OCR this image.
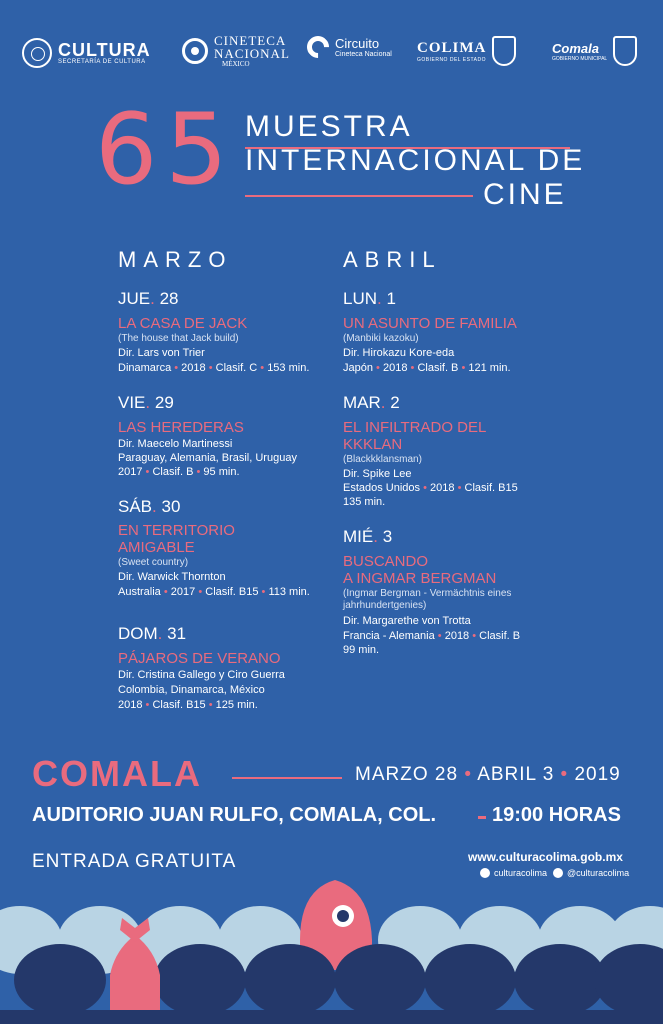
CULTURA
SECRETARÍA DE CULTURA
CINETECA
NACIONAL
MÉXICO
Circuito
Cineteca Nacional COLIMA
GOBIERNO DEL ESTADO
Comala
GOBIERNO MUNICIPAL
65 MUESTRA
INTERNACIONAL DE
CINE
MARZO	ABRIL
JUE. 28
LA CASA DE JACK
(The house that Jack build)
Dir. Lars von Trier
Dinamarca • 2018 • Clasif. C • 153 min.
VIE. 29
LAS HEREDERAS
Dir. Maecelo Martinessi
Paraguay, Alemania, Brasil, Uruguay
2017 • Clasif. B • 95 min.
SÁB. 30
EN TERRITORIO
AMIGABLE
(Sweet country)
Dir. Warwick Thornton
Australia • 2017 • Clasif. B15 • 113 min.
DOM. 31
PÁJAROS DE VERANO
Dir. Cristina Gallego y Ciro Guerra
Colombia, Dinamarca, México
2018 • Clasif. B15 • 125 min.
LUN. 1
UN ASUNTO DE FAMILIA
(Manbiki kazoku)
Dir. Hirokazu Kore-eda
Japón • 2018 • Clasif. B • 121 min.
MAR. 2
EL INFILTRADO DEL
KKKLAN
(Blackkklansman)
Dir. Spike Lee
Estados Unidos • 2018 • Clasif. B15
135 min.
MIÉ. 3
BUSCANDO
A INGMAR BERGMAN
(Ingmar Bergman - Vermächtnis eines
jahrhundertgenies)
Dir. Margarethe von Trotta
Francia - Alemania • 2018 • Clasif. B
99 min.
COMALA	MARZO 28 • ABRIL 3 • 2019
AUDITORIO JUAN RULFO, COMALA, COL.	19:00 HORAS
ENTRADA GRATUITA	www.culturacolima.gob.mx
culturacolima @culturacolima
